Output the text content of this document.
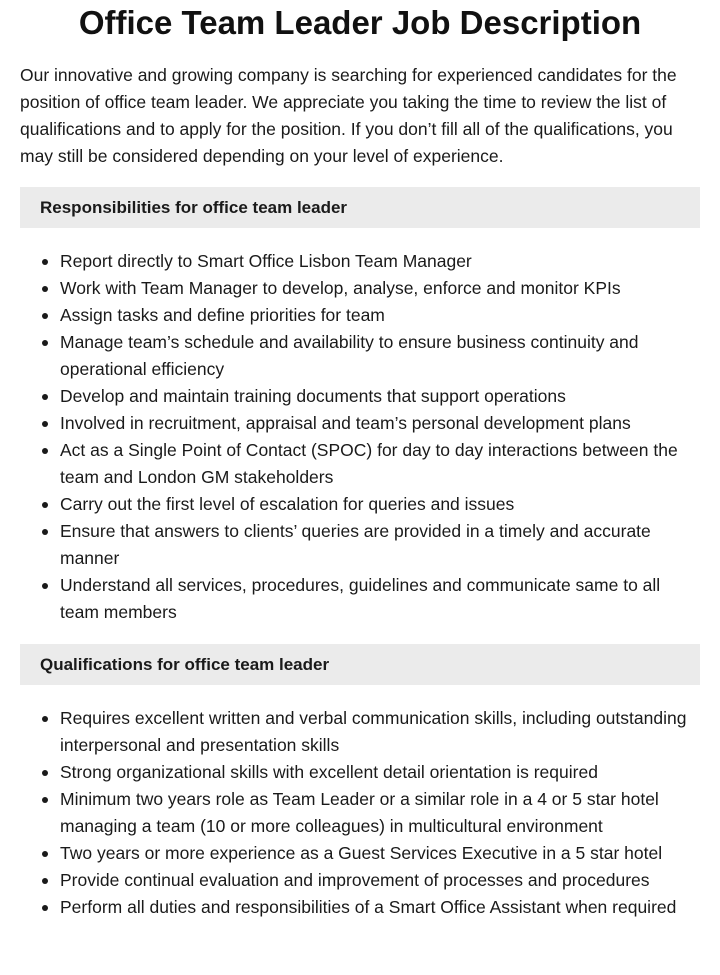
Office Team Leader Job Description

Our innovative and growing company is searching for experienced candidates for the position of office team leader. We appreciate you taking the time to review the list of qualifications and to apply for the position. If you don’t fill all of the qualifications, you may still be considered depending on your level of experience.

Responsibilities for office team leader
Report directly to Smart Office Lisbon Team Manager
Work with Team Manager to develop, analyse, enforce and monitor KPIs
Assign tasks and define priorities for team
Manage team’s schedule and availability to ensure business continuity and operational efficiency
Develop and maintain training documents that support operations
Involved in recruitment, appraisal and team’s personal development plans
Act as a Single Point of Contact (SPOC) for day to day interactions between the team and London GM stakeholders
Carry out the first level of escalation for queries and issues
Ensure that answers to clients’ queries are provided in a timely and accurate manner
Understand all services, procedures, guidelines and communicate same to all team members
Qualifications for office team leader
Requires excellent written and verbal communication skills, including outstanding interpersonal and presentation skills
Strong organizational skills with excellent detail orientation is required
Minimum two years role as Team Leader or a similar role in a 4 or 5 star hotel managing a team (10 or more colleagues) in multicultural environment
Two years or more experience as a Guest Services Executive in a 5 star hotel
Provide continual evaluation and improvement of processes and procedures
Perform all duties and responsibilities of a Smart Office Assistant when required
